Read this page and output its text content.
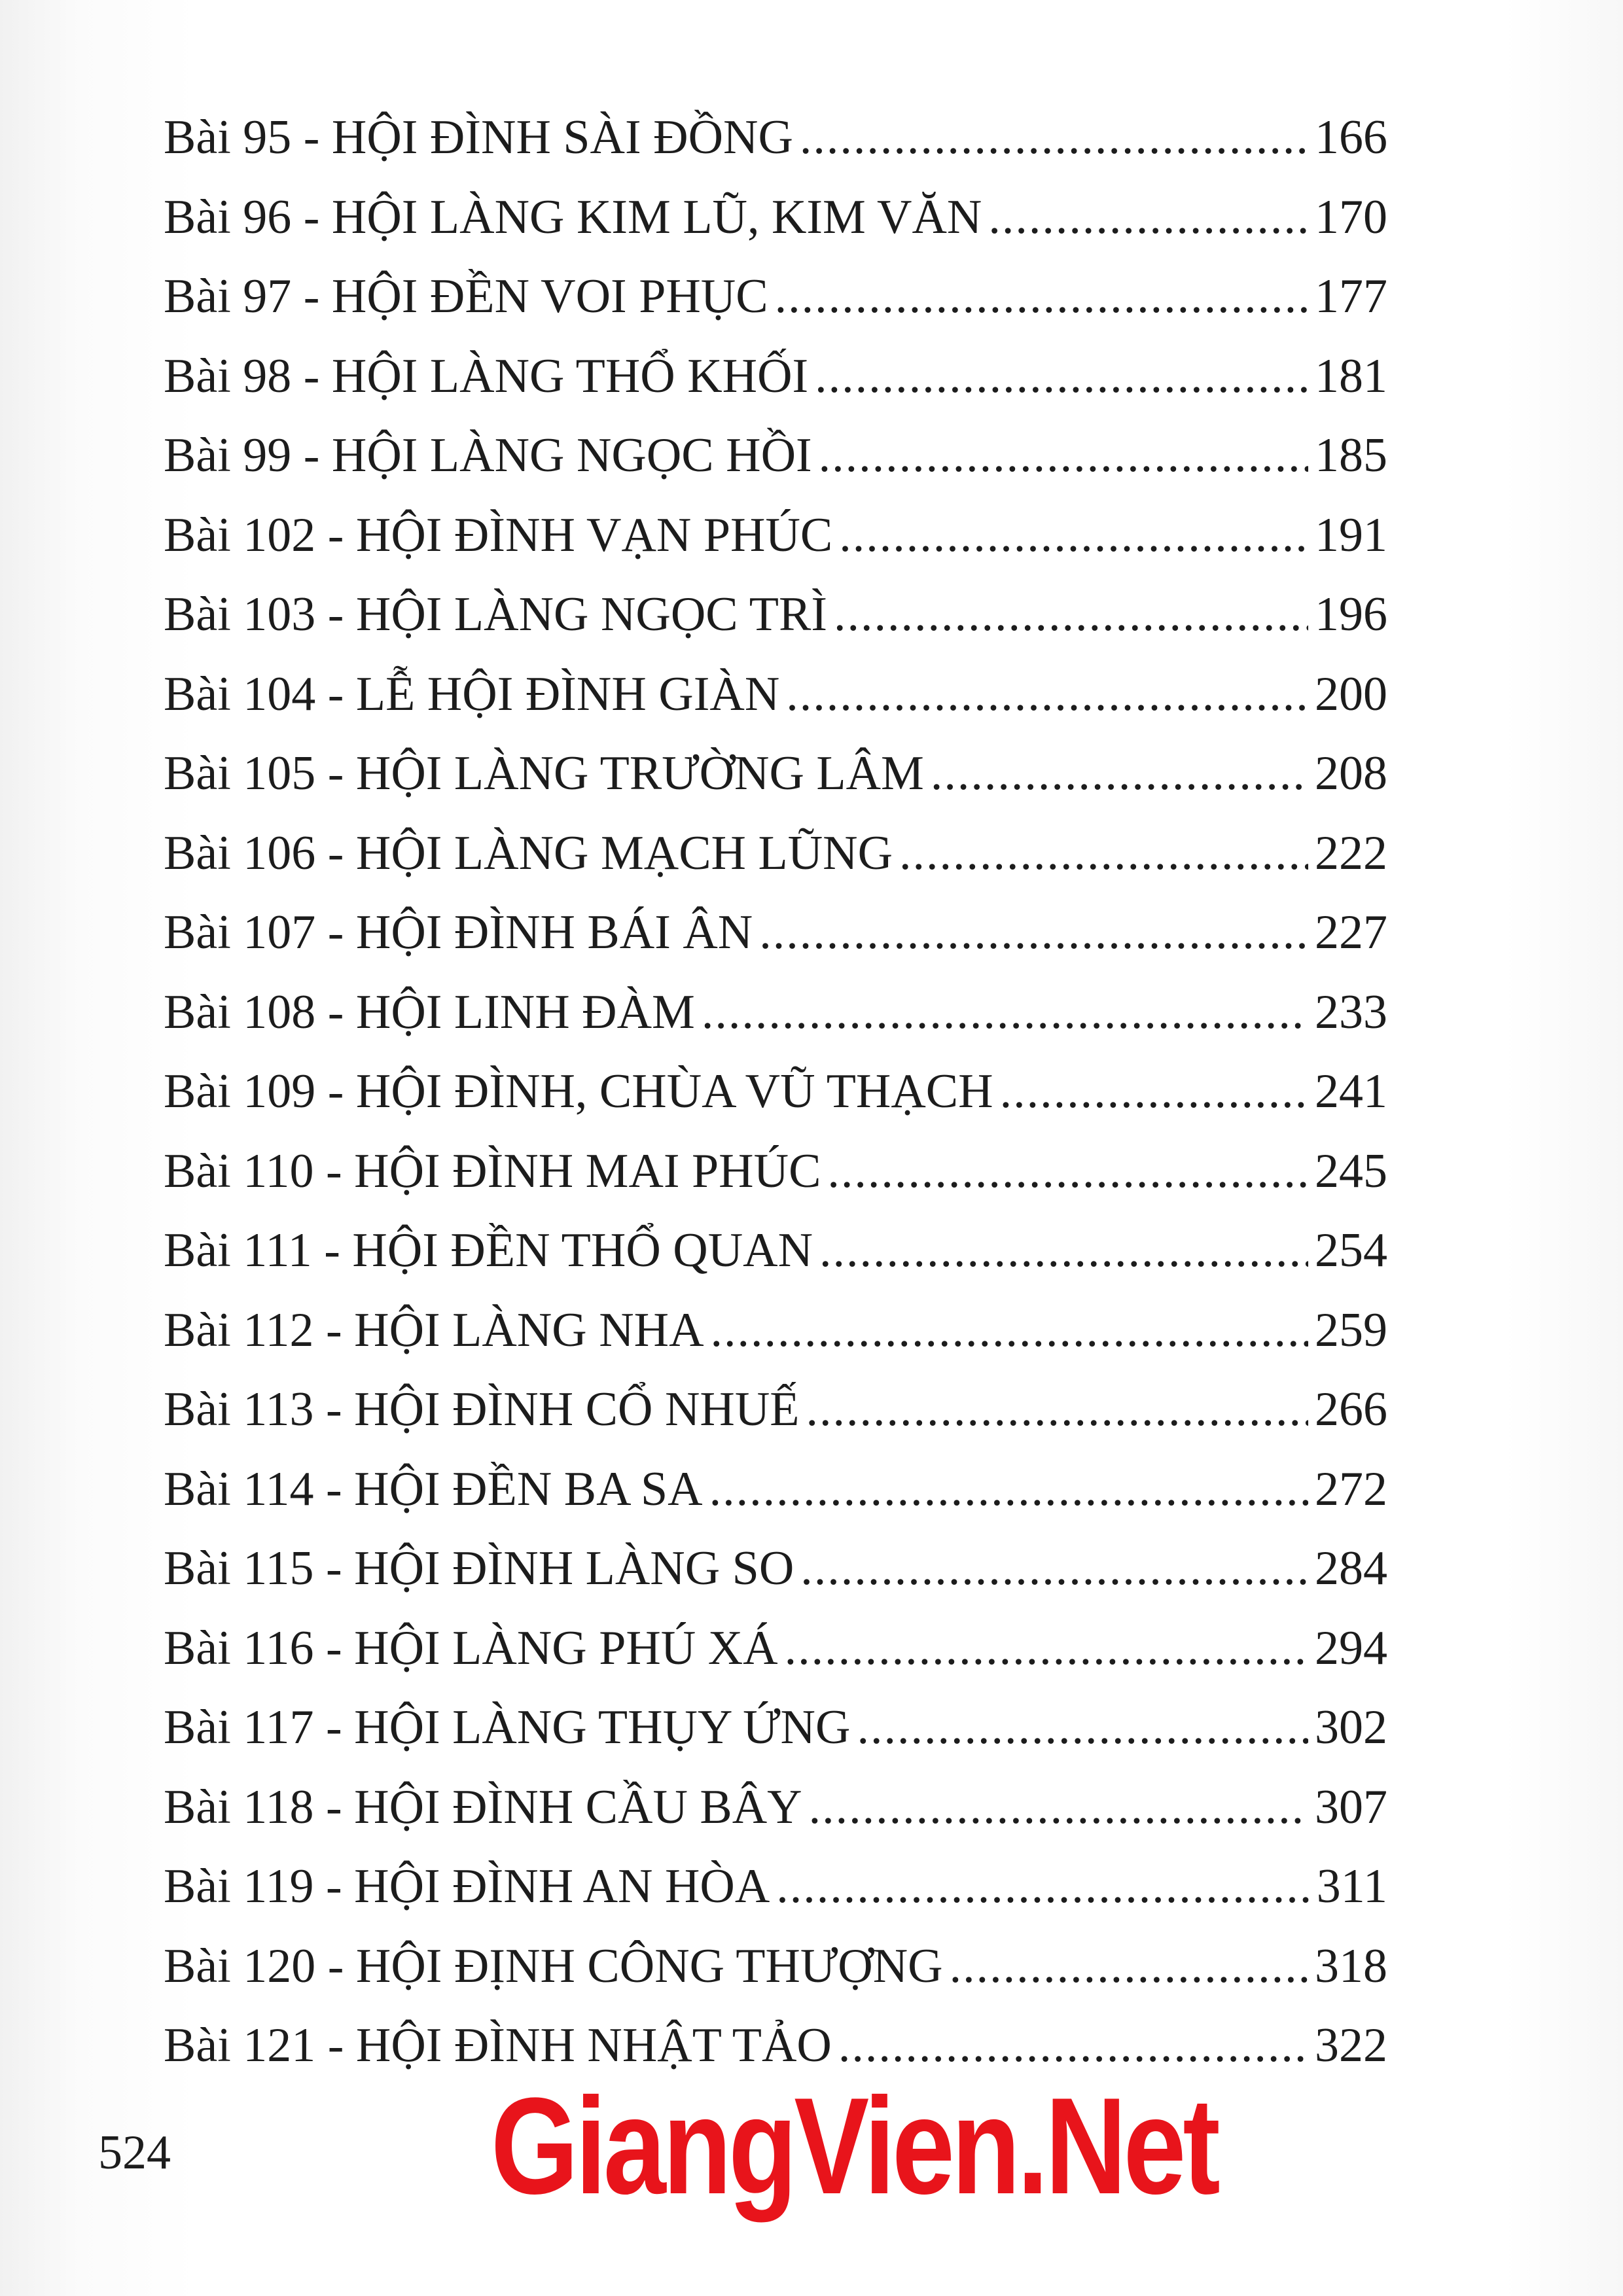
Bài 95 - HỘI ĐÌNH SÀI ĐỒNG .....	166
Bài 96 - HỘI LÀNG KIM LŨ, KIM VĂN .....	170
Bài 97 - HỘI ĐỀN VOI PHỤC .....	177
Bài 98 - HỘI LÀNG THỔ KHỐI .....	181
Bài 99 - HỘI LÀNG NGỌC HỒI .....	185
Bài 102 - HỘI ĐÌNH VẠN PHÚC .....	191
Bài 103 - HỘI LÀNG NGỌC TRÌ .....	196
Bài 104 - LỄ HỘI ĐÌNH GIÀN .....	200
Bài 105 - HỘI LÀNG TRƯỜNG LÂM .....	208
Bài 106 - HỘI LÀNG MẠCH LŨNG .....	222
Bài 107 - HỘI ĐÌNH BÁI ÂN .....	227
Bài 108 - HỘI LINH ĐÀM .....	233
Bài 109 - HỘI ĐÌNH, CHÙA VŨ THẠCH .....	241
Bài 110 - HỘI ĐÌNH MAI PHÚC .....	245
Bài 111 - HỘI ĐỀN THỔ QUAN .....	254
Bài 112 - HỘI LÀNG NHA .....	259
Bài 113 - HỘI ĐÌNH CỔ NHUẾ .....	266
Bài 114 - HỘI ĐỀN BA SA .....	272
Bài 115 - HỘI ĐÌNH LÀNG SO .....	284
Bài 116 - HỘI LÀNG PHÚ XÁ .....	294
Bài 117 - HỘI LÀNG THỤY ỨNG .....	302
Bài 118 - HỘI ĐÌNH CẦU BÂY .....	307
Bài 119 - HỘI ĐÌNH AN HÒA .....	311
Bài 120 - HỘI ĐỊNH CÔNG THƯỢNG .....	318
Bài 121 - HỘI ĐÌNH NHẬT TẢO .....	322
524 GiangVien.Net
